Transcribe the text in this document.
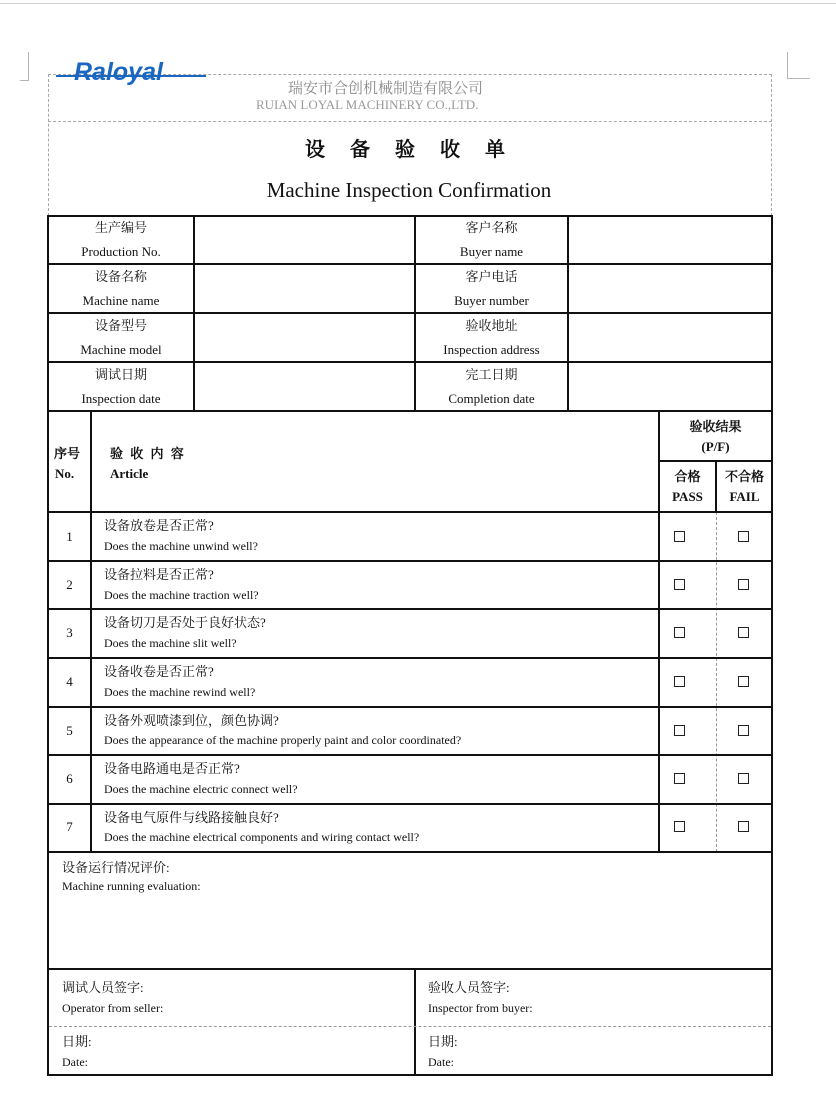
Raloyal
瑞安市合创机械制造有限公司
RUIAN LOYAL MACHINERY CO.,LTD.
设 备 验 收 单
Machine Inspection Confirmation
生产编号
Production No.
客户名称
Buyer name
设备名称
Machine name
客户电话
Buyer number
设备型号
Machine model
验收地址
Inspection address
调试日期
Inspection date
完工日期
Completion date
序号
No.
验 收 内 容
Article
验收结果
(P/F)
合格
PASS
不合格
FAIL
1
设备放卷是否正常?
Does the machine unwind well?
2
设备拉料是否正常?
Does the machine traction well?
3
设备切刀是否处于良好状态?
Does the machine slit well?
4
设备收卷是否正常?
Does the machine rewind well?
5
设备外观喷漆到位，颜色协调?
Does the appearance of the machine properly paint and color coordinated?
6
设备电路通电是否正常?
Does the machine electric connect well?
7
设备电气原件与线路接触良好?
Does the machine electrical components and wiring contact well?
设备运行情况评价:
Machine running evaluation:
调试人员签字:
Operator from seller:
验收人员签字:
Inspector from buyer:
日期:
Date:
日期:
Date:
